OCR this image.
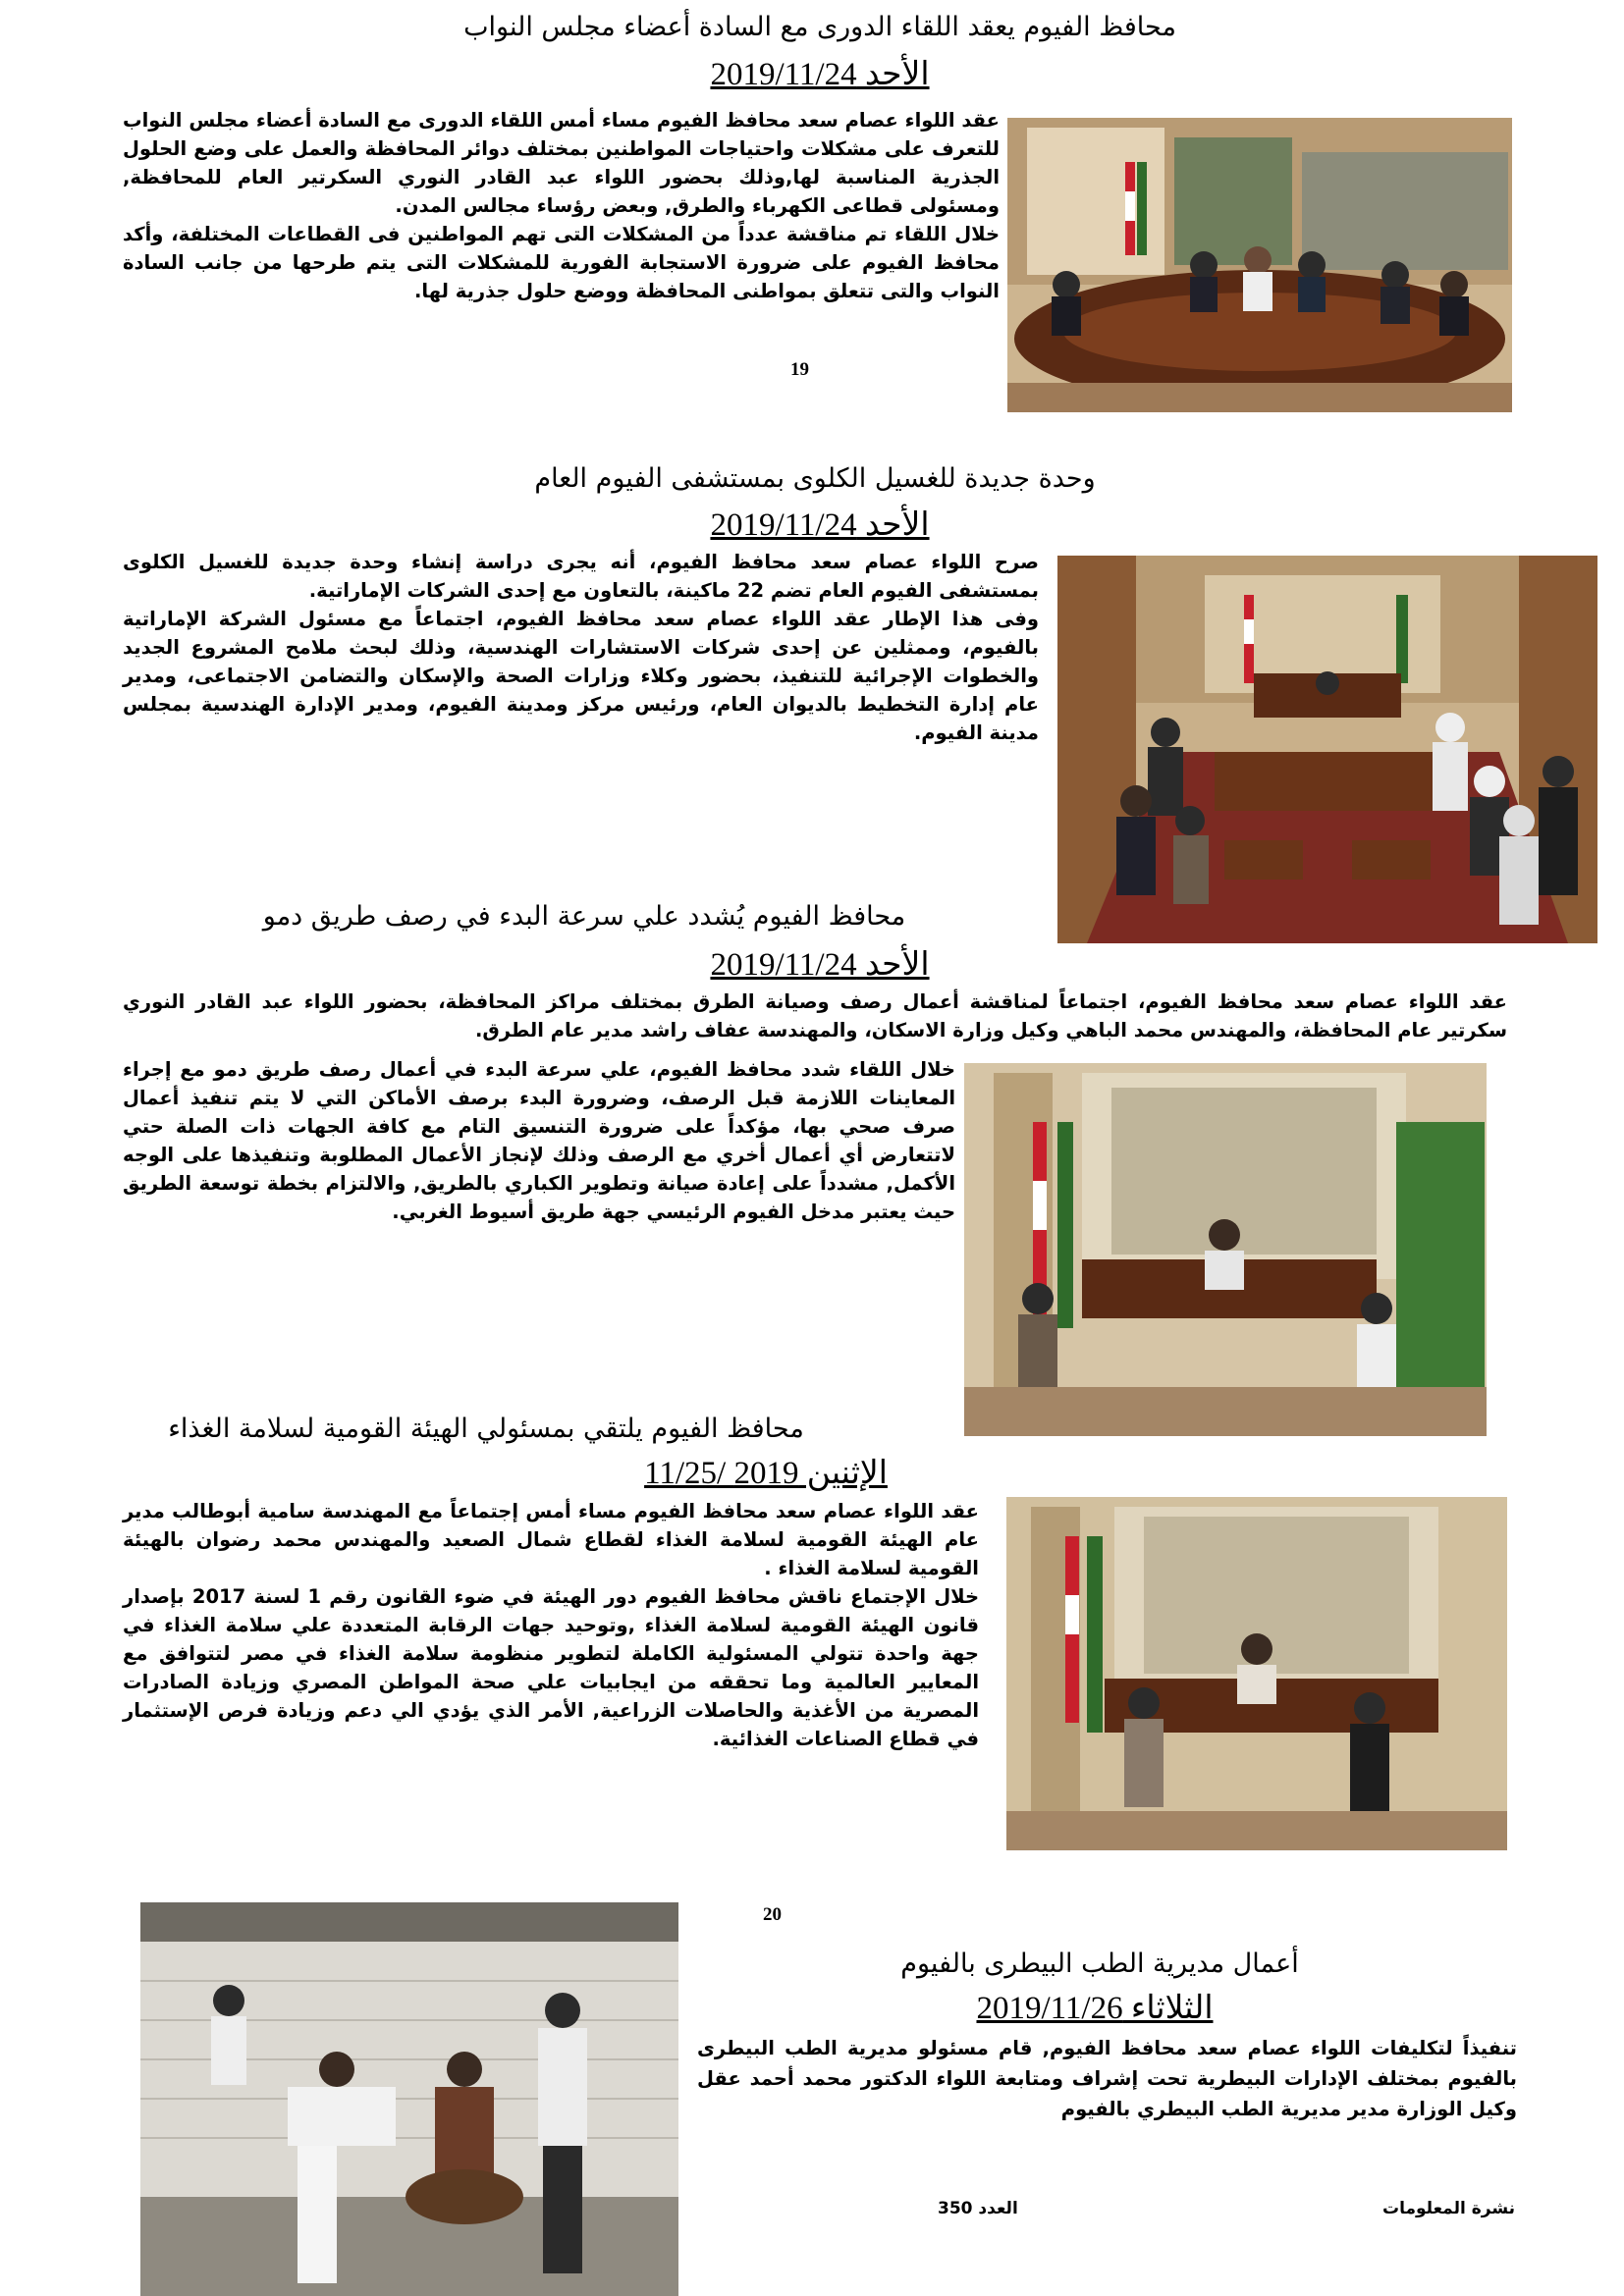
محافظ الفيوم يعقد اللقاء الدورى مع السادة أعضاء مجلس النواب
الأحد 2019/11/24

عقد اللواء عصام سعد محافظ الفيوم مساء أمس اللقاء الدورى مع السادة أعضاء مجلس النواب للتعرف على مشكلات واحتياجات المواطنين بمختلف دوائر المحافظة والعمل على وضع الحلول الجذرية المناسبة لها,وذلك بحضور اللواء عبد القادر النوري السكرتير العام للمحافظة, ومسئولى قطاعى الكهرباء والطرق, وبعض رؤساء مجالس المدن.

خلال اللقاء تم مناقشة عدداً من المشكلات التى تهم المواطنين فى القطاعات المختلفة، وأكد محافظ الفيوم على ضرورة الاستجابة الفورية للمشكلات التى يتم طرحها من جانب السادة النواب والتى تتعلق بمواطنى المحافظة ووضع حلول جذرية لها.

19
وحدة جديدة للغسيل الكلوى بمستشفى الفيوم العام
الأحد 2019/11/24

صرح اللواء عصام سعد محافظ الفيوم، أنه يجرى دراسة إنشاء وحدة جديدة للغسيل الكلوى بمستشفى الفيوم العام تضم 22 ماكينة، بالتعاون مع إحدى الشركات الإماراتية.

وفى هذا الإطار عقد اللواء عصام سعد محافظ الفيوم، اجتماعاً مع مسئول الشركة الإماراتية بالفيوم، وممثلين عن إحدى شركات الاستشارات الهندسية، وذلك لبحث ملامح المشروع الجديد والخطوات الإجرائية للتنفيذ، بحضور وكلاء وزارات الصحة والإسكان والتضامن الاجتماعى، ومدير عام إدارة التخطيط بالديوان العام، ورئيس مركز ومدينة الفيوم، ومدير الإدارة الهندسية بمجلس مدينة الفيوم.

محافظ الفيوم يُشدد علي سرعة البدء في رصف طريق دمو
الأحد 2019/11/24
عقد اللواء عصام سعد محافظ الفيوم، اجتماعاً لمناقشة أعمال رصف وصيانة الطرق بمختلف مراكز المحافظة، بحضور اللواء عبد القادر النوري سكرتير عام المحافظة، والمهندس محمد الباهي وكيل وزارة الاسكان، والمهندسة عفاف راشد مدير عام الطرق.

خلال اللقاء شدد محافظ الفيوم، علي سرعة البدء في أعمال رصف طريق دمو مع إجراء المعاينات اللازمة قبل الرصف، وضرورة البدء برصف الأماكن التي لا يتم تنفيذ أعمال صرف صحي بها، مؤكداً على ضرورة التنسيق التام مع كافة الجهات ذات الصلة حتي لاتتعارض أي أعمال أخري مع الرصف وذلك لإنجاز الأعمال المطلوبة وتنفيذها على الوجه الأكمل, مشدداً على إعادة صيانة وتطوير الكباري بالطريق, والالتزام بخطة توسعة الطريق حيث يعتبر مدخل الفيوم الرئيسي جهة طريق أسيوط الغربي.

محافظ الفيوم يلتقي بمسئولي الهيئة القومية لسلامة الغذاء
الإثنين 2019 /11/25

عقد اللواء عصام سعد محافظ الفيوم مساء أمس إجتماعاً مع المهندسة سامية أبوطالب مدير عام الهيئة القومية لسلامة الغذاء لقطاع شمال الصعيد والمهندس محمد رضوان بالهيئة القومية لسلامة الغذاء .

خلال الإجتماع ناقش محافظ الفيوم دور الهيئة في ضوء القانون رقم 1 لسنة 2017 بإصدار قانون الهيئة القومية لسلامة الغذاء ,وتوحيد جهات الرقابة المتعددة علي سلامة الغذاء في جهة واحدة تتولي المسئولية الكاملة لتطوير منظومة سلامة الغذاء في مصر لتتوافق مع المعايير العالمية وما تحققه من ايجابيات علي صحة المواطن المصري وزيادة الصادرات المصرية من الأغذية والحاصلات الزراعية, الأمر الذي يؤدي الي دعم وزيادة فرص الإستثمار في قطاع الصناعات الغذائية.

20
أعمال مديرية الطب البيطرى بالفيوم
الثلاثاء 2019/11/26

تنفيذاً لتكليفات اللواء عصام سعد محافظ الفيوم, قام مسئولو مديرية الطب البيطرى بالفيوم بمختلف الإدارات البيطرية تحت إشراف ومتابعة اللواء الدكتور محمد أحمد عقل وكيل الوزارة مدير مديرية الطب البيطري بالفيوم

العدد 350	نشرة المعلومات
